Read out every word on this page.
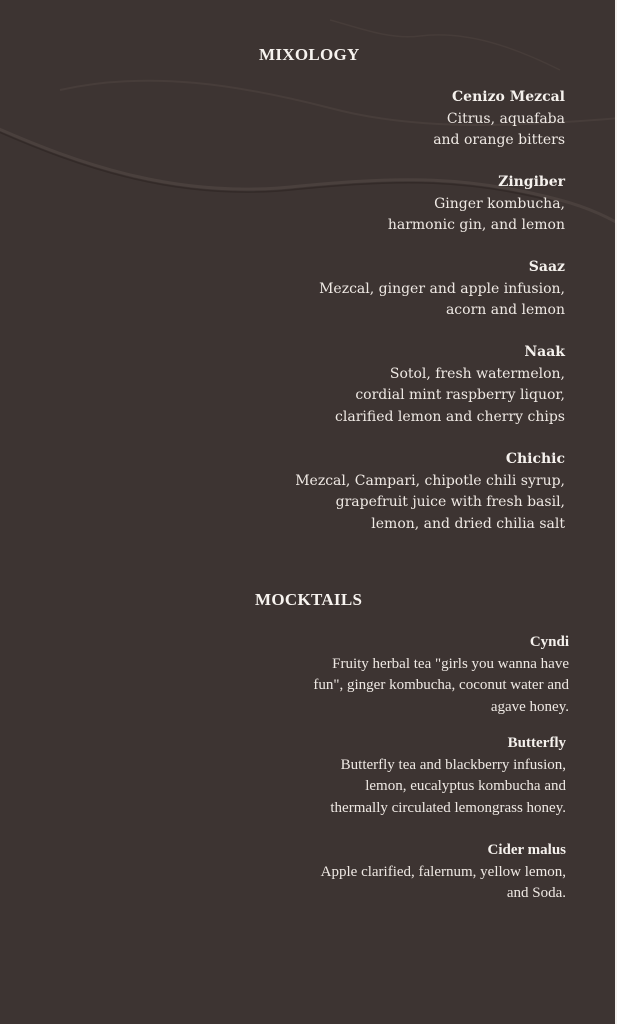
MIXOLOGY
Cenizo Mezcal
Citrus, aquafaba
and orange bitters
Zingiber
Ginger kombucha,
harmonic gin, and lemon
Saaz
Mezcal, ginger and apple infusion,
acorn and lemon
Naak
Sotol, fresh watermelon,
cordial mint raspberry liquor,
clarified lemon and cherry chips
Chichic
Mezcal, Campari, chipotle chili syrup,
grapefruit juice with fresh basil,
lemon, and dried chilia salt
MOCKTAILS
Cyndi
Fruity herbal tea "girls you wanna have
fun", ginger kombucha, coconut water and
agave honey.
Butterfly
Butterfly tea and blackberry infusion,
lemon, eucalyptus kombucha and
thermally circulated lemongrass honey.
Cider malus
Apple clarified, falernum, yellow lemon,
and Soda.
